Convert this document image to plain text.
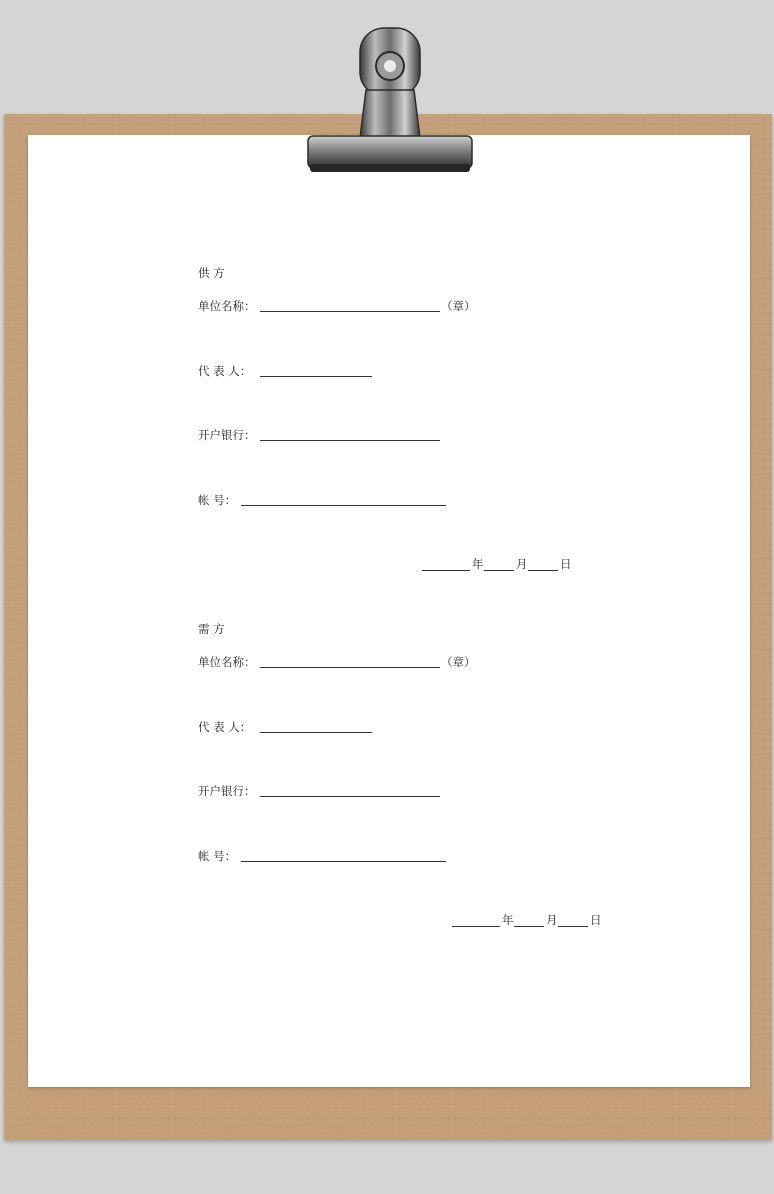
供 方
单位名称：	（章）
代 表 人：
开户银行：
帐 号：
年	月	日
需 方
单位名称：	（章）
代 表 人：
开户银行：
帐 号：
年	月	日
